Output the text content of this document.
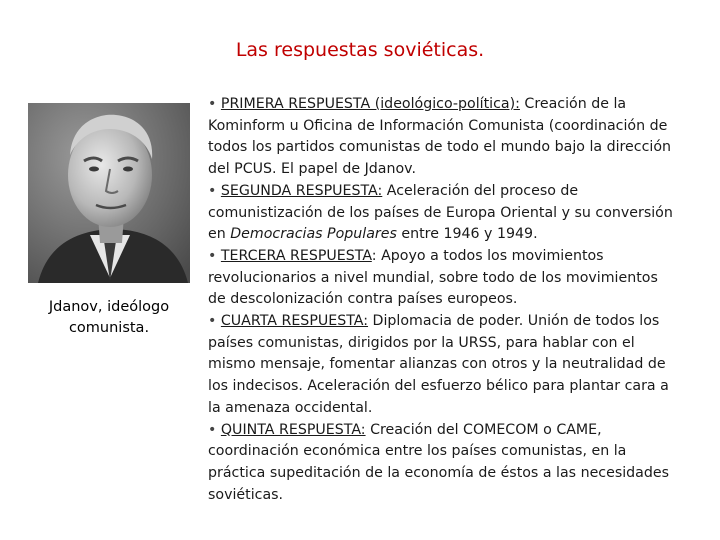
Las respuestas soviéticas.
Jdanov, ideólogo
comunista.

• PRIMERA RESPUESTA (ideológico-política): Creación de la Kominform u Oficina de Información Comunista (coordinación de todos los partidos comunistas de todo el mundo bajo la dirección del PCUS. El papel de Jdanov.

• SEGUNDA RESPUESTA: Aceleración del proceso de comunistización de los países de Europa Oriental y su conversión en Democracias Populares entre 1946 y 1949.

• TERCERA RESPUESTA: Apoyo a todos los movimientos revolucionarios a nivel mundial, sobre todo de los movimientos de descolonización contra países europeos.

• CUARTA RESPUESTA: Diplomacia de poder. Unión de todos los países comunistas, dirigidos por la URSS, para hablar con el mismo mensaje, fomentar alianzas con otros y la neutralidad de los indecisos. Aceleración del esfuerzo bélico para plantar cara a la amenaza occidental.

• QUINTA RESPUESTA: Creación del COMECOM o CAME, coordinación económica entre los países comunistas, en la práctica supeditación de la economía de éstos a las necesidades soviéticas.
